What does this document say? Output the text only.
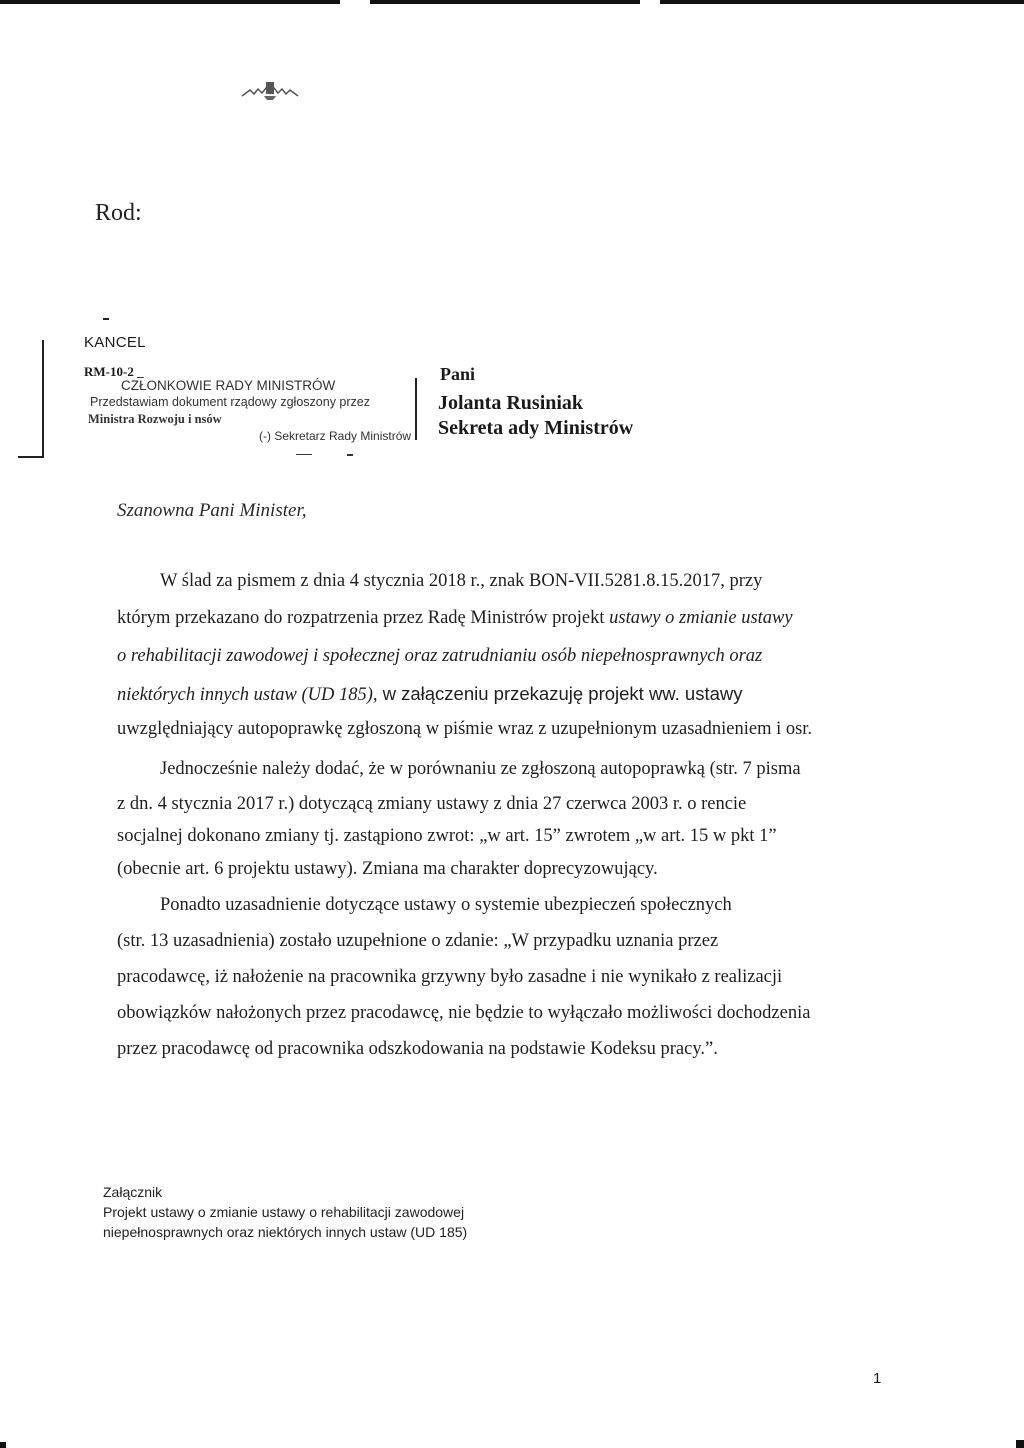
Rod:
KANCEL
RM-10-2 _
CZŁONKOWIE RADY MINISTRÓW
Przedstawiam dokument rządowy zgłoszony przez
Ministra Rozwoju i nsów
(-) Sekretarz Rady Ministrów
Pani
Jolanta Rusiniak
Sekreta ady Ministrów
Szanowna Pani Minister,
W ślad za pismem z dnia 4 stycznia 2018 r., znak BON-VII.5281.8.15.2017, przy
którym przekazano do rozpatrzenia przez Radę Ministrów projekt ustawy o zmianie ustawy
o rehabilitacji zawodowej i społecznej oraz zatrudnianiu osób niepełnosprawnych oraz
niektórych innych ustaw (UD 185), w załączeniu przekazuję projekt ww. ustawy
uwzględniający autopoprawkę zgłoszoną w piśmie wraz z uzupełnionym uzasadnieniem i osr.
Jednocześnie należy dodać, że w porównaniu ze zgłoszoną autopoprawką (str. 7 pisma
z dn. 4 stycznia 2017 r.) dotyczącą zmiany ustawy z dnia 27 czerwca 2003 r. o rencie
socjalnej dokonano zmiany tj. zastąpiono zwrot: „w art. 15” zwrotem „w art. 15 w pkt 1”
(obecnie art. 6 projektu ustawy). Zmiana ma charakter doprecyzowujący.
Ponadto uzasadnienie dotyczące ustawy o systemie ubezpieczeń społecznych
(str. 13 uzasadnienia) zostało uzupełnione o zdanie: „W przypadku uznania przez
pracodawcę, iż nałożenie na pracownika grzywny było zasadne i nie wynikało z realizacji
obowiązków nałożonych przez pracodawcę, nie będzie to wyłączało możliwości dochodzenia
przez pracodawcę od pracownika odszkodowania na podstawie Kodeksu pracy.”.
Załącznik
Projekt ustawy o zmianie ustawy o rehabilitacji zawodowej
niepełnosprawnych oraz niektórych innych ustaw (UD 185)
1
